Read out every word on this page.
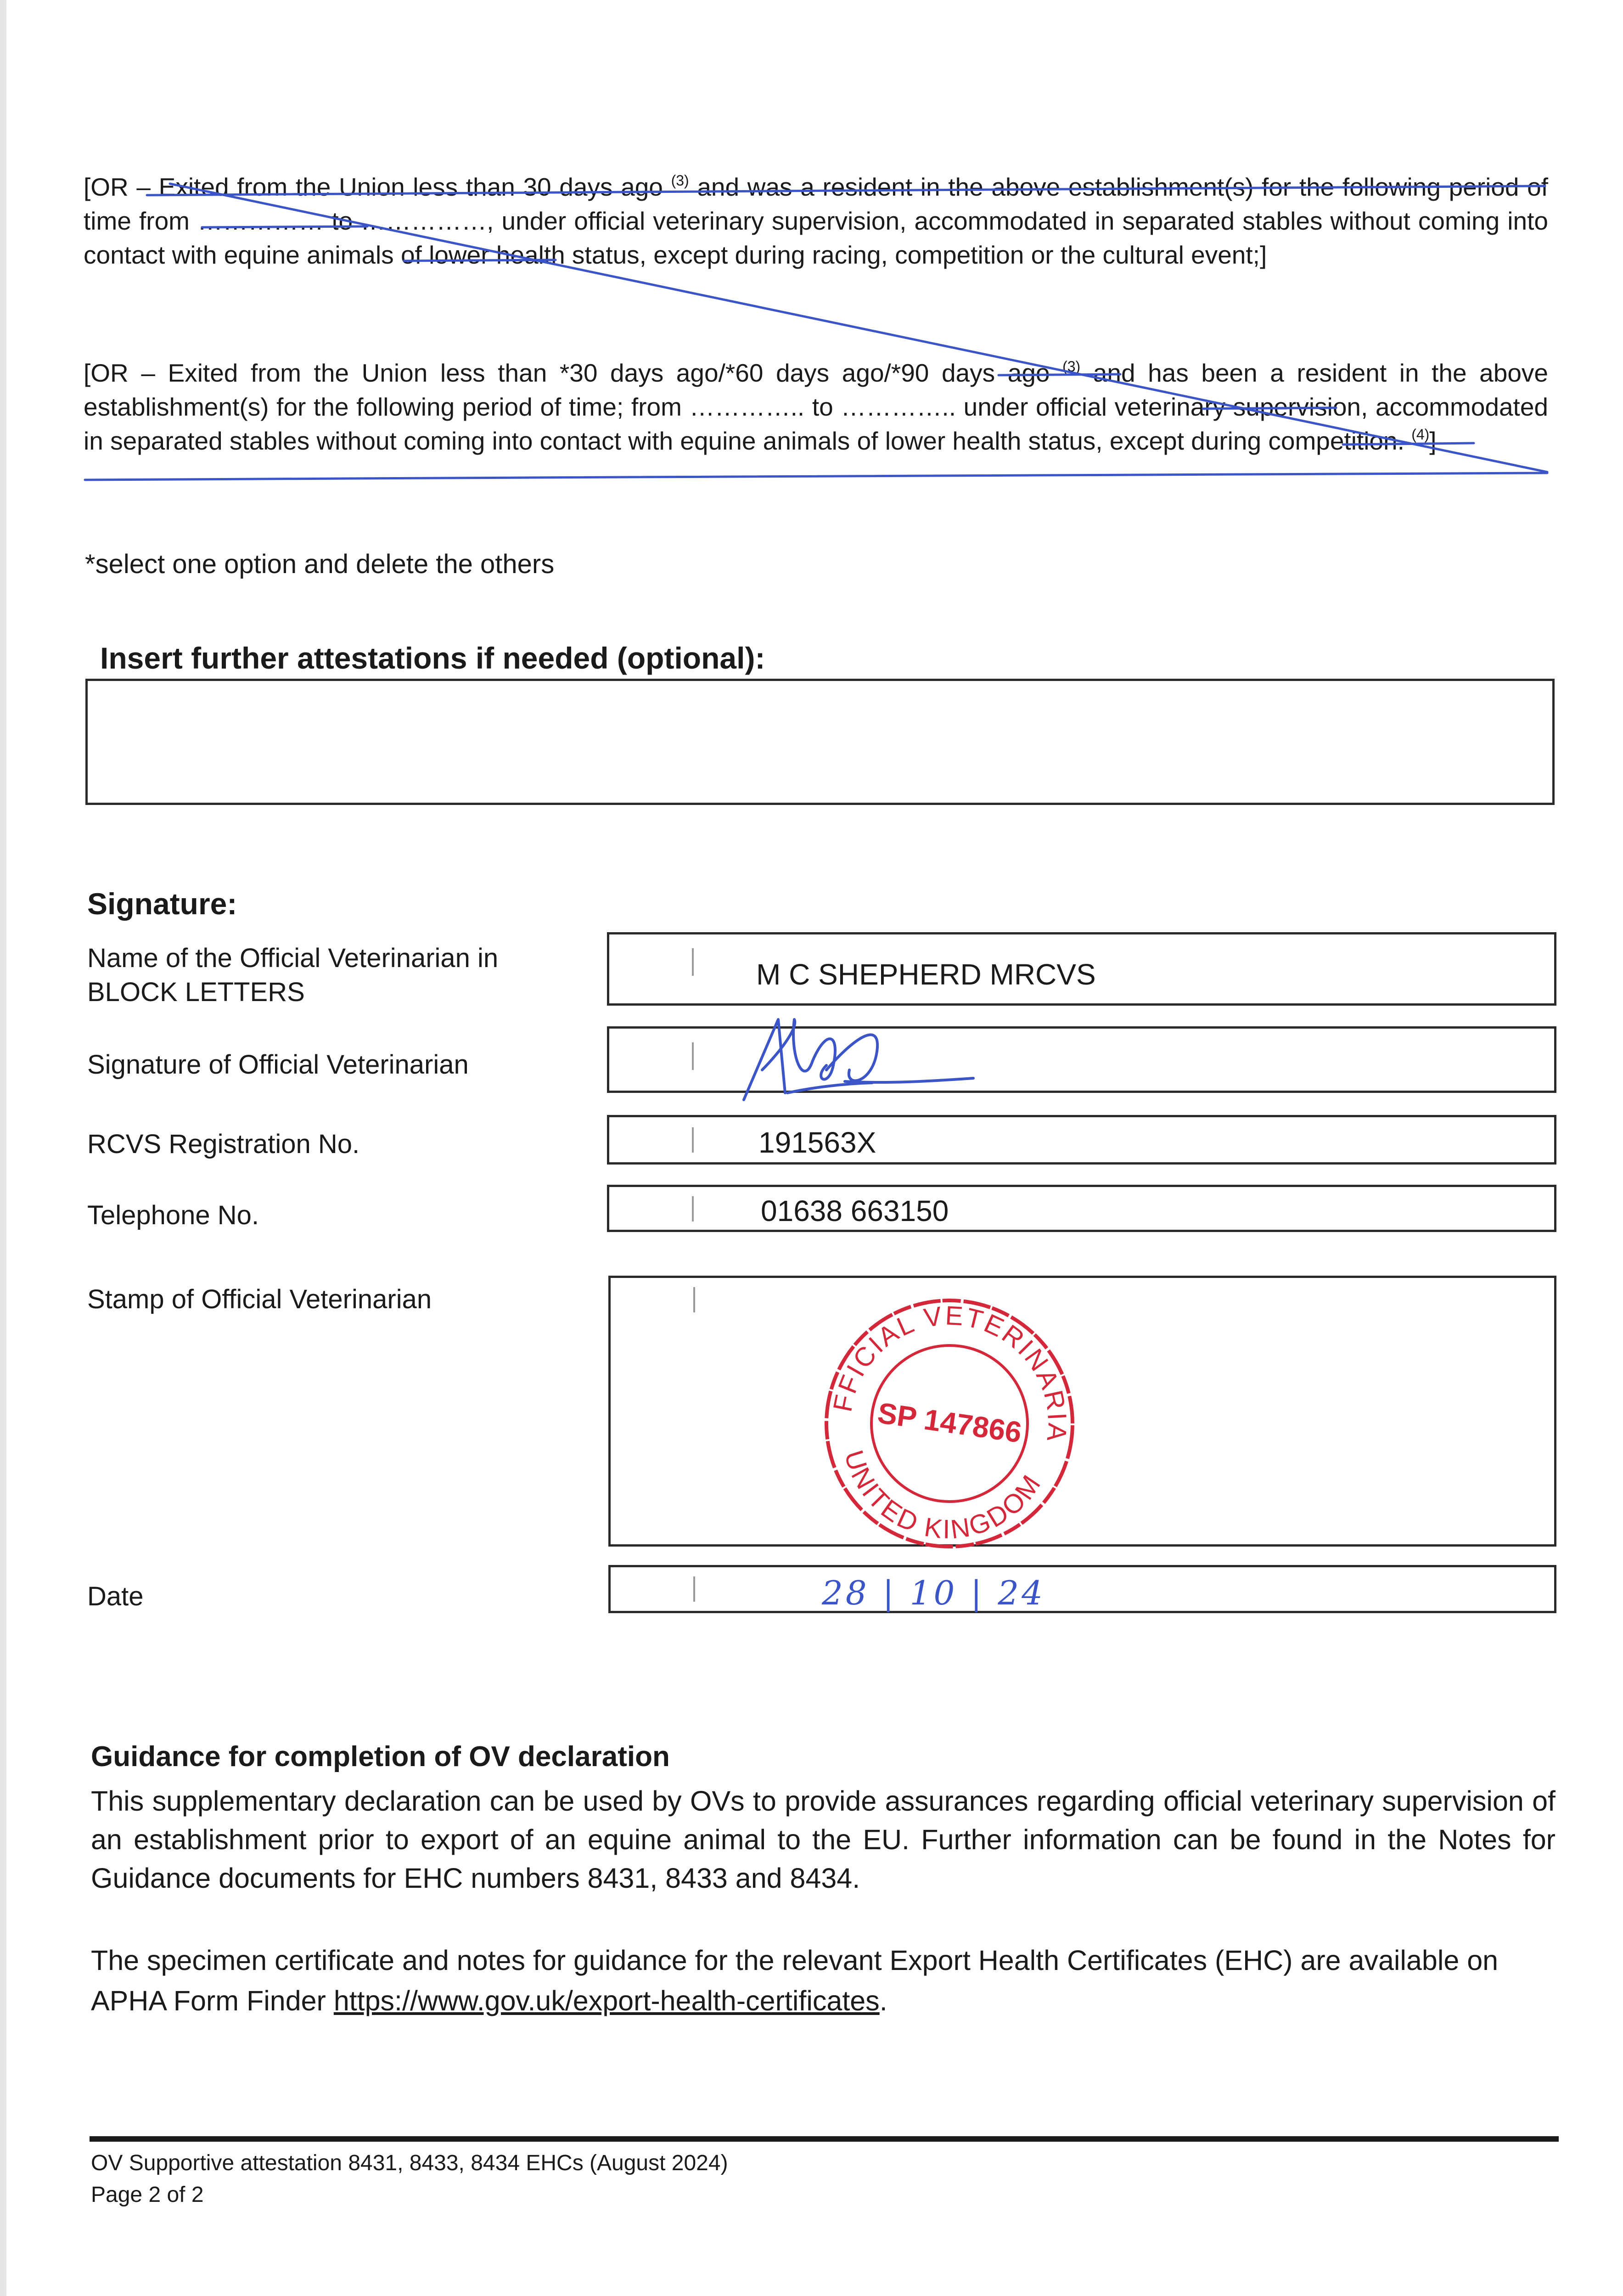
[OR – Exited from the Union less than 30 days ago $^{(3)}$ and was a resident in the above establishment(s) for the following period of time from …………… to ……………, under official veterinary supervision, accommodated in separated stables without coming into contact with equine animals of lower health status, except during racing, competition or the cultural event;]
[OR – Exited from the Union less than *30 days ago/*60 days ago/*90 days ago $^{(3)}$ and has been a resident in the above establishment(s) for the following period of time; from ………….. to ………….. under official veterinary supervision, accommodated in separated stables without coming into contact with equine animals of lower health status, except during competition. $^{(4)}$]
*select one option and delete the others
Insert further attestations if needed (optional):
Signature:
Name of the Official Veterinarian in BLOCK LETTERS
M C SHEPHERD MRCVS
Signature of Official Veterinarian
RCVS Registration No.	191563X
Telephone No.	01638 663150
Stamp of Official Veterinarian
OFFICIAL VETERINARIAN
UNITED KINGDOM
SP 147866
Date	28 | 10 | 24
Guidance for completion of OV declaration
This supplementary declaration can be used by OVs to provide assurances regarding official veterinary supervision of an establishment prior to export of an equine animal to the EU. Further information can be found in the Notes for Guidance documents for EHC numbers 8431, 8433 and 8434.
The specimen certificate and notes for guidance for the relevant Export Health Certificates (EHC) are available on APHA Form Finder https://www.gov.uk/export-health-certificates.
OV Supportive attestation 8431, 8433, 8434 EHCs (August 2024)
Page 2 of 2
